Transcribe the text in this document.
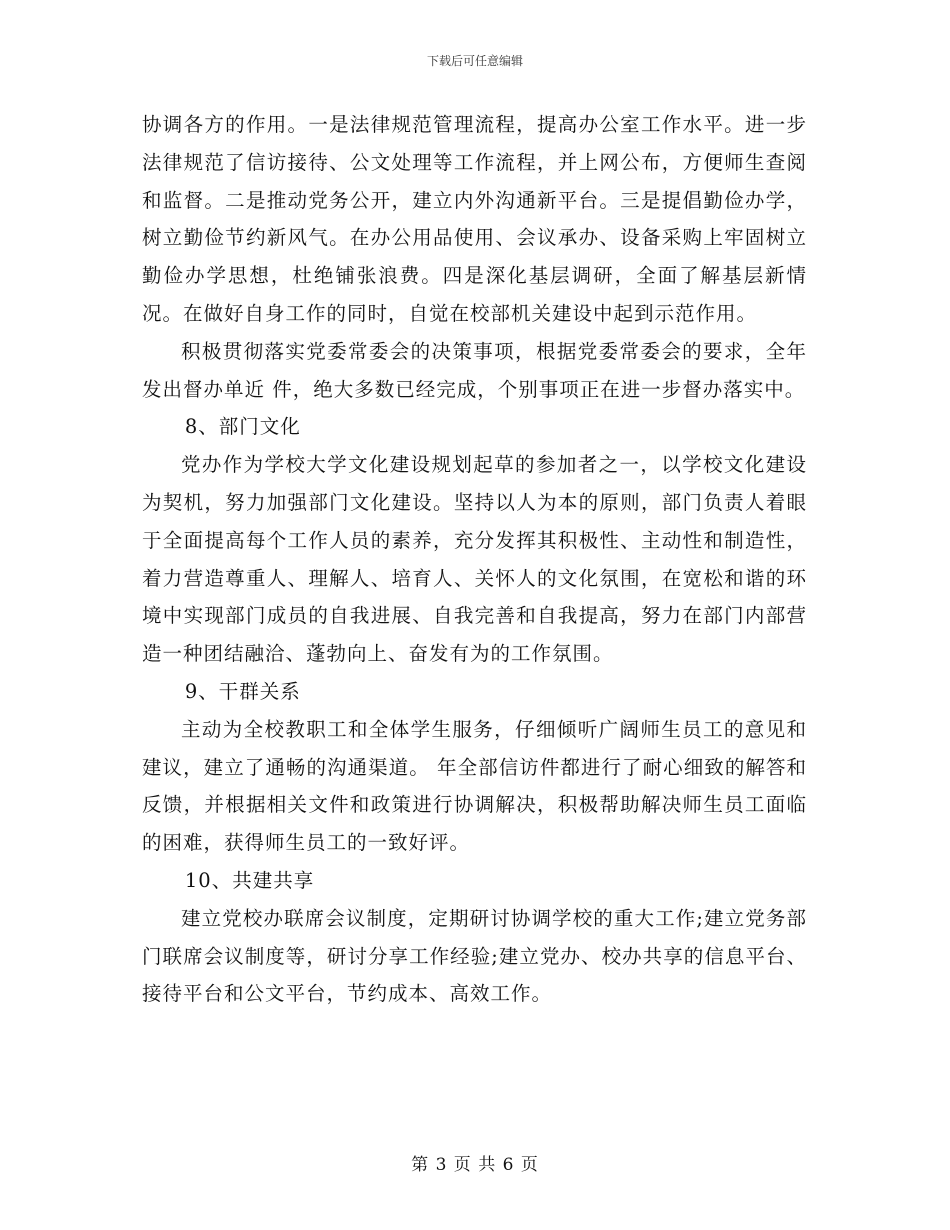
下载后可任意编辑

协调各方的作用。一是法律规范管理流程，提高办公室工作水平。进一步法律规范了信访接待、公文处理等工作流程，并上网公布，方便师生查阅和监督。二是推动党务公开，建立内外沟通新平台。三是提倡勤俭办学，树立勤俭节约新风气。在办公用品使用、会议承办、设备采购上牢固树立勤俭办学思想，杜绝铺张浪费。四是深化基层调研，全面了解基层新情况。在做好自身工作的同时，自觉在校部机关建设中起到示范作用。

积极贯彻落实党委常委会的决策事项，根据党委常委会的要求，全年发出督办单近 件，绝大多数已经完成，个别事项正在进一步督办落实中。

8、部门文化

党办作为学校大学文化建设规划起草的参加者之一，以学校文化建设为契机，努力加强部门文化建设。坚持以人为本的原则，部门负责人着眼于全面提高每个工作人员的素养，充分发挥其积极性、主动性和制造性，着力营造尊重人、理解人、培育人、关怀人的文化氛围，在宽松和谐的环境中实现部门成员的自我进展、自我完善和自我提高，努力在部门内部营造一种团结融洽、蓬勃向上、奋发有为的工作氛围。

9、干群关系

主动为全校教职工和全体学生服务，仔细倾听广阔师生员工的意见和建议，建立了通畅的沟通渠道。 年全部信访件都进行了耐心细致的解答和反馈，并根据相关文件和政策进行协调解决，积极帮助解决师生员工面临的困难，获得师生员工的一致好评。

10、共建共享

建立党校办联席会议制度，定期研讨协调学校的重大工作;建立党务部门联席会议制度等，研讨分享工作经验;建立党办、校办共享的信息平台、接待平台和公文平台，节约成本、高效工作。

第 3 页 共 6 页
